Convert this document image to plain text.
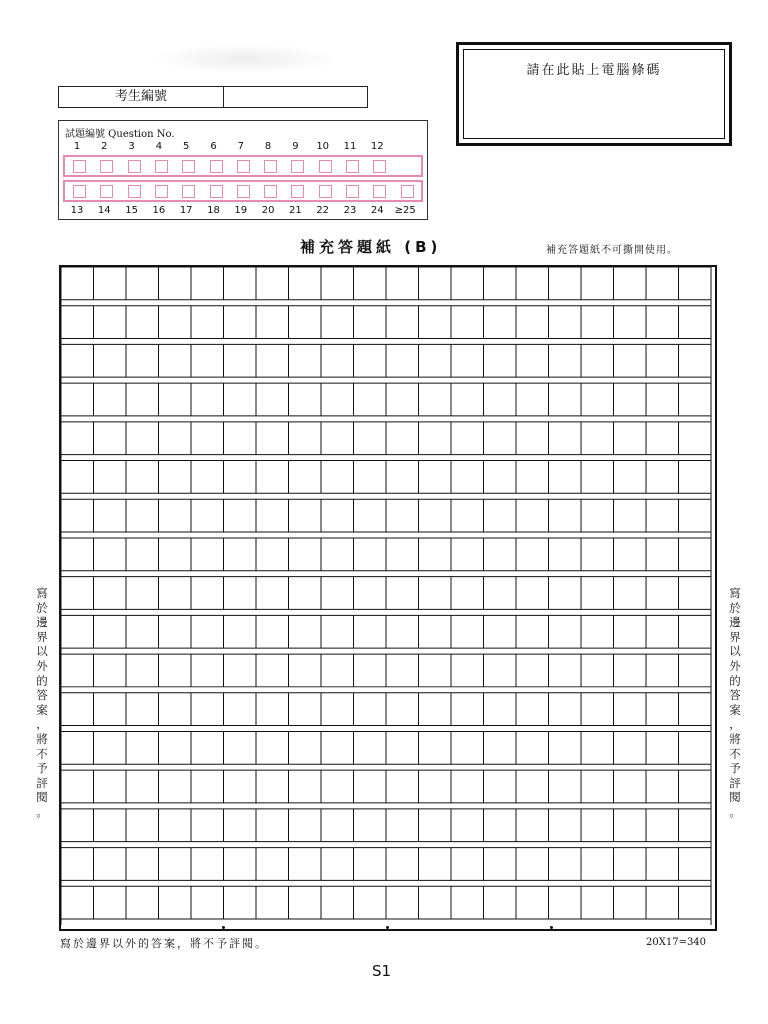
考生編號
請在此貼上電腦條碼
試題編號 Question No.
1	2	3	4	5	6	7	8	9	10	11	12
13	14	15	16	17	18	19	20	21	22	23	24	≥25
補充答題紙 (B)	補充答題紙不可撕開使用。
寫
於
邊
界
以
外
的
答
案
，
將
不
予
評
閱
。
寫
於
邊
界
以
外
的
答
案
，
將
不
予
評
閱
。
寫於邊界以外的答案，將不予評閱。	20X17=340
S1
